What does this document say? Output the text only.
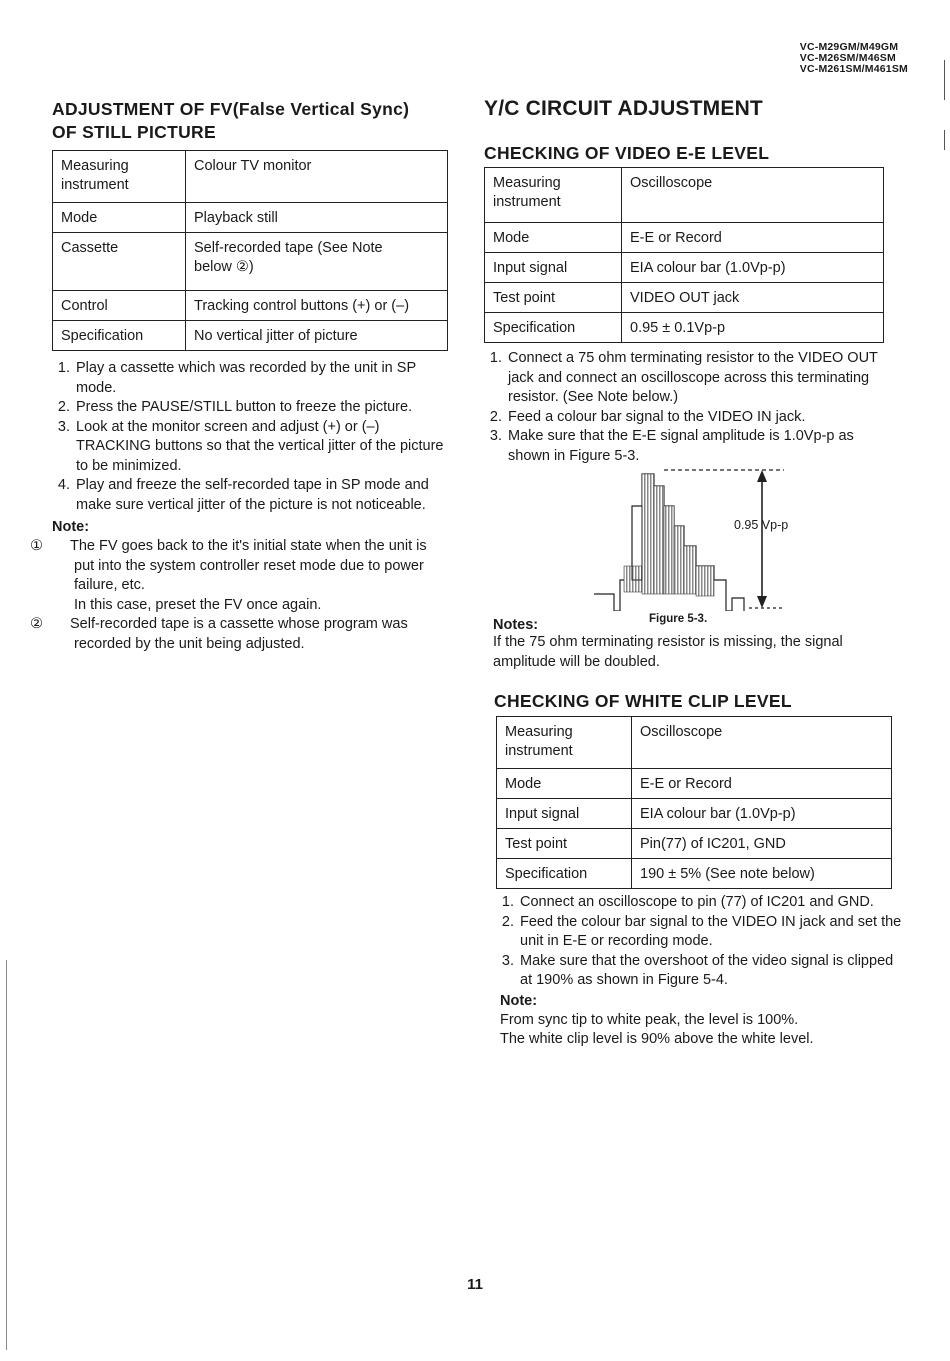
VC-M29GM/M49GM
VC-M26SM/M46SM
VC-M261SM/M461SM
ADJUSTMENT OF FV(False Vertical Sync)
OF STILL PICTURE
Measuring instrument	Colour TV monitor
Mode	Playback still
Cassette	Self-recorded tape (See Note below ②)
Control	Tracking control buttons (+) or (–)
Specification	No vertical jitter of picture
1. Play a cassette which was recorded by the unit in SP mode.
2. Press the PAUSE/STILL button to freeze the picture.
3. Look at the monitor screen and adjust (+) or (–) TRACKING buttons so that the vertical jitter of the picture to be minimized.
4. Play and freeze the self-recorded tape in SP mode and make sure vertical jitter of the picture is not noticeable.
Note:
① The FV goes back to the it's initial state when the unit is put into the system controller reset mode due to power failure, etc.
In this case, preset the FV once again.
② Self-recorded tape is a cassette whose program was recorded by the unit being adjusted.
Y/C CIRCUIT ADJUSTMENT
CHECKING OF VIDEO E-E LEVEL
Measuring instrument	Oscilloscope
Mode	E-E or Record
Input signal	EIA colour bar (1.0Vp-p)
Test point	VIDEO OUT jack
Specification	0.95 ± 0.1Vp-p
1. Connect a 75 ohm terminating resistor to the VIDEO OUT jack and connect an oscilloscope across this terminating resistor. (See Note below.)
2. Feed a colour bar signal to the VIDEO IN jack.
3. Make sure that the E-E signal amplitude is 1.0Vp-p as shown in Figure 5-3.
0.95 Vp-p
Notes:	Figure 5-3.
If the 75 ohm terminating resistor is missing, the signal amplitude will be doubled.
CHECKING OF WHITE CLIP LEVEL
Measuring instrument	Oscilloscope
Mode	E-E or Record
Input signal	EIA colour bar (1.0Vp-p)
Test point	Pin(77) of IC201, GND
Specification	190 ± 5% (See note below)
1. Connect an oscilloscope to pin (77) of IC201 and GND.
2. Feed the colour bar signal to the VIDEO IN jack and set the unit in E-E or recording mode.
3. Make sure that the overshoot of the video signal is clipped at 190% as shown in Figure 5-4.
Note:
From sync tip to white peak, the level is 100%.
The white clip level is 90% above the white level.
11
